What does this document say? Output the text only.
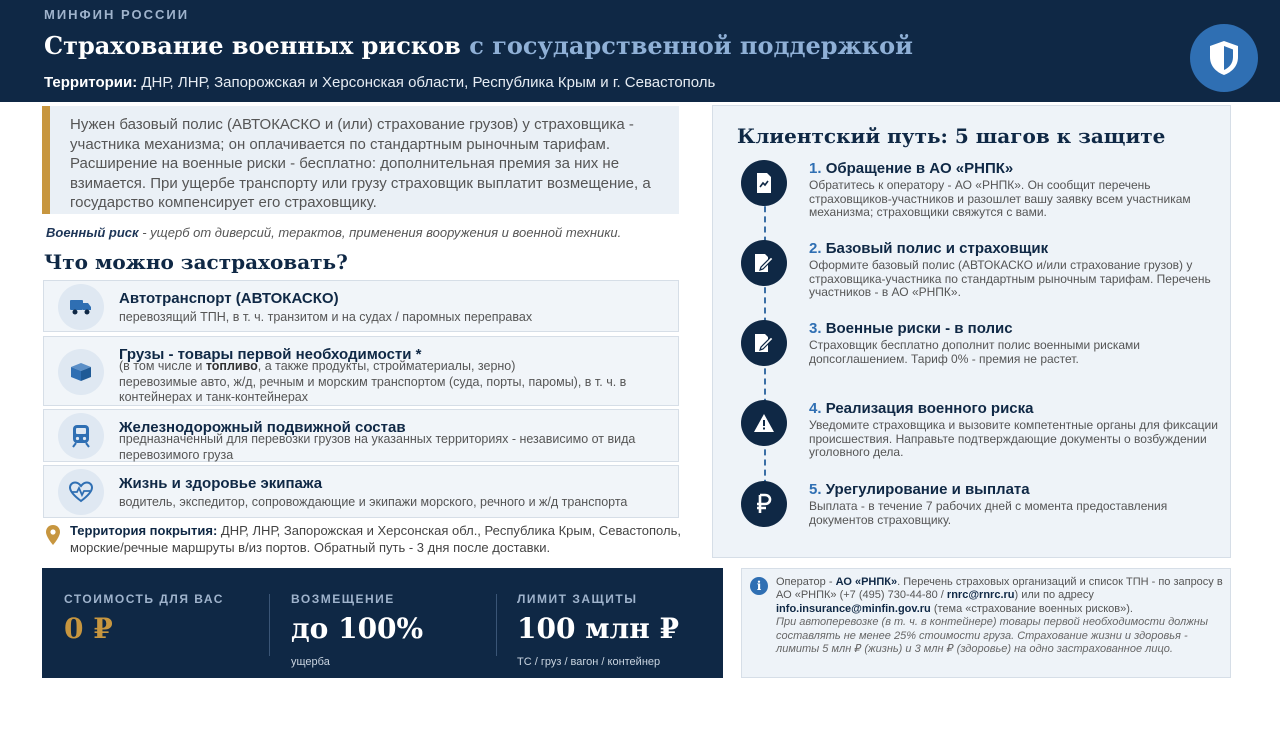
МИНФИН РОССИИ
Страхование военных рисков с государственной поддержкой
Территории: ДНР, ЛНР, Запорожская и Херсонская области, Республика Крым и г. Севастополь
Нужен базовый полис (АВТОКАСКО и (или) страхование грузов) у страховщика - участника механизма; он оплачивается по стандартным рыночным тарифам. Расширение на военные риски - бесплатно: дополнительная премия за них не взимается. При ущербе транспорту или грузу страховщик выплатит возмещение, а государство компенсирует его страховщику.
Военный риск - ущерб от диверсий, терактов, применения вооружения и военной техники.
Что можно застраховать?
Автотранспорт (АВТОКАСКО)
перевозящий ТПН, в т. ч. транзитом и на судах / паромных переправах
Грузы - товары первой необходимости *
(в том числе и топливо, а также продукты, стройматериалы, зерно)
перевозимые авто, ж/д, речным и морским транспортом (суда, порты, паромы), в т. ч. в контейнерах и танк-контейнерах
Железнодорожный подвижной состав
предназначенный для перевозки грузов на указанных территориях - независимо от вида перевозимого груза
Жизнь и здоровье экипажа
водитель, экспедитор, сопровождающие и экипажи морского, речного и ж/д транспорта
Территория покрытия: ДНР, ЛНР, Запорожская и Херсонская обл., Республика Крым, Севастополь, морские/речные маршруты в/из портов. Обратный путь - 3 дня после доставки.
СТОИМОСТЬ ДЛЯ ВАС
0 ₽
ВОЗМЕЩЕНИЕ
до 100%
ущерба
ЛИМИТ ЗАЩИТЫ
100 млн ₽
ТС / груз / вагон / контейнер
Клиентский путь: 5 шагов к защите
1. Обращение в АО «РНПК»
Обратитесь к оператору - АО «РНПК». Он сообщит перечень страховщиков-участников и разошлет вашу заявку всем участникам механизма; страховщики свяжутся с вами.
2. Базовый полис и страховщик
Оформите базовый полис (АВТОКАСКО и/или страхование грузов) у страховщика-участника по стандартным рыночным тарифам. Перечень участников - в АО «РНПК».
3. Военные риски - в полис
Страховщик бесплатно дополнит полис военными рисками допсоглашением. Тариф 0% - премия не растет.
4. Реализация военного риска
Уведомите страховщика и вызовите компетентные органы для фиксации происшествия. Направьте подтверждающие документы о возбуждении уголовного дела.
5. Урегулирование и выплата
Выплата - в течение 7 рабочих дней с момента предоставления документов страховщику.
i	Оператор - АО «РНПК». Перечень страховых организаций и список ТПН - по запросу в АО «РНПК» (+7 (495) 730-44-80 / rnrc@rnrc.ru) или по адресу info.insurance@minfin.gov.ru (тема «страхование военных рисков»).
При автоперевозке (в т. ч. в контейнере) товары первой необходимости должны составлять не менее 25% стоимости груза. Страхование жизни и здоровья - лимиты 5 млн ₽ (жизнь) и 3 млн ₽ (здоровье) на одно застрахованное лицо.
